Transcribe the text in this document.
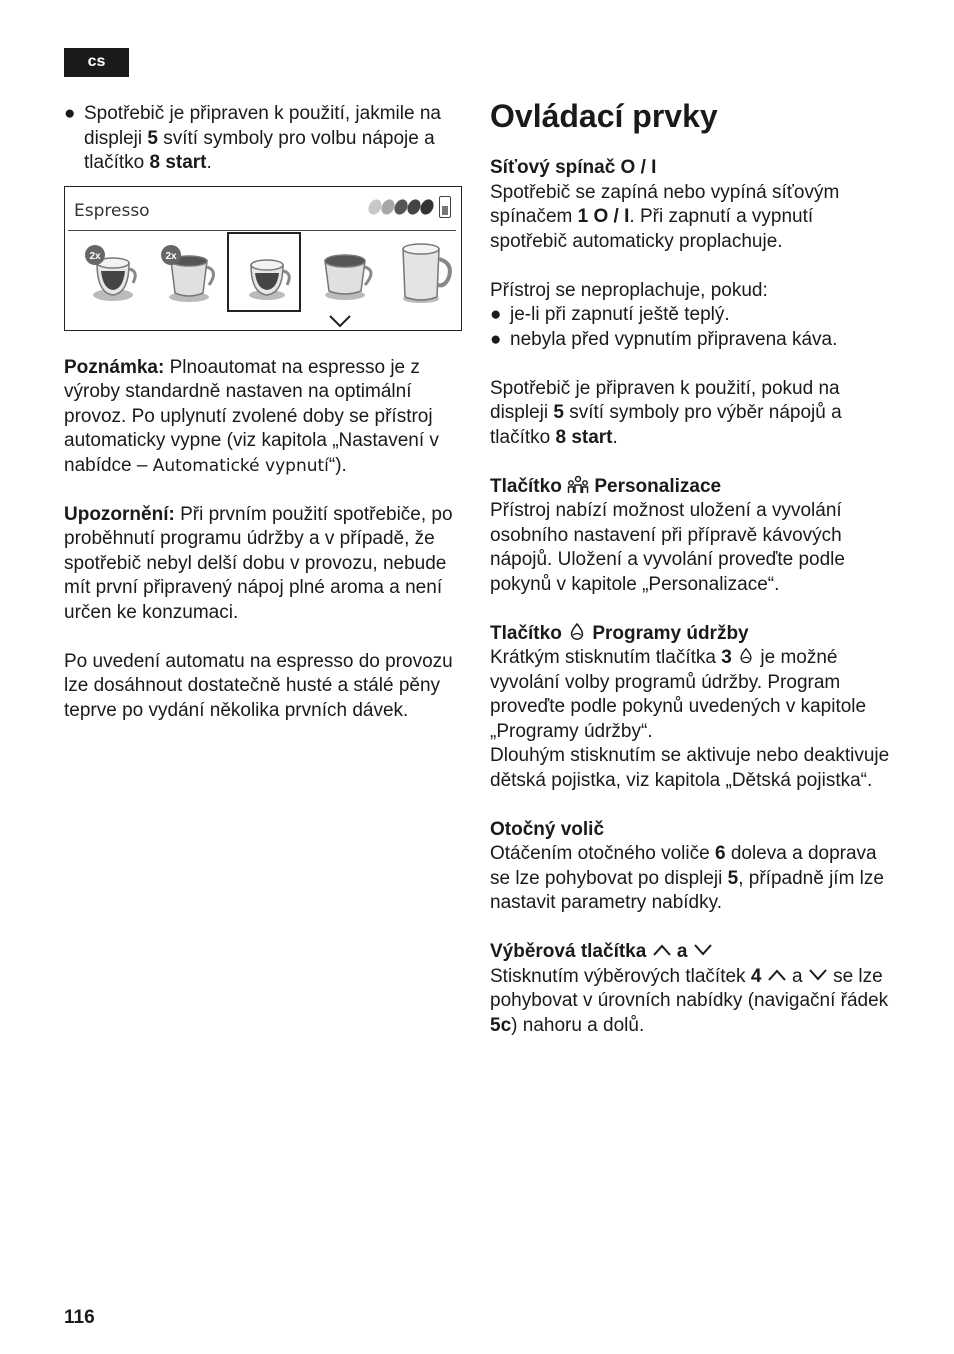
cs
● Spotřebič je připraven k použití, jakmile na displeji 5 svítí symboly pro volbu nápoje a tlačítko 8 start.

Espresso
2x	2x

Poznámka: Plnoautomat na espresso je z výroby standardně nastaven na optimální provoz. Po uplynutí zvolené doby se přístroj automaticky vypne (viz kapitola „Nastavení v nabídce – Automatické vypnutí“).

Upozornění: Při prvním použití spotřebiče, po proběhnutí programu údržby a v případě, že spotřebič nebyl delší dobu v provozu, nebude mít první připravený nápoj plné aroma a není určen ke konzumaci.

Po uvedení automatu na espresso do provozu lze dosáhnout dostatečně husté a stálé pěny teprve po vydání několika prvních dávek.

Ovládací prvky

Síťový spínač O / I

Spotřebič se zapíná nebo vypíná síťovým spínačem 1 O / I. Při zapnutí a vypnutí spotřebič automaticky proplachuje.

Přístroj se neproplachuje, pokud:

● je-li při zapnutí ještě teplý.

● nebyla před vypnutím připravena káva.

Spotřebič je připraven k použití, pokud na displeji 5 svítí symboly pro výběr nápojů a tlačítko 8 start.

Tlačítko  Personalizace

Přístroj nabízí možnost uložení a vyvolání osobního nastavení při přípravě kávových nápojů. Uložení a vyvolání proveďte podle pokynů v kapitole „Personalizace“.

Tlačítko  Programy údržby

Krátkým stisknutím tlačítka 3  je možné vyvolání volby programů údržby. Program proveďte podle pokynů uvedených v kapitole „Programy údržby“.

Dlouhým stisknutím se aktivuje nebo deaktivuje dětská pojistka, viz kapitola „Dětská pojistka“.

Otočný volič

Otáčením otočného voliče 6 doleva a doprava se lze pohybovat po displeji 5, případně jím lze nastavit parametry nabídky.

Výběrová tlačítka  a

Stisknutím výběrových tlačítek 4  a  se lze pohybovat v úrovních nabídky (navigační řádek 5c) nahoru a dolů.

116
